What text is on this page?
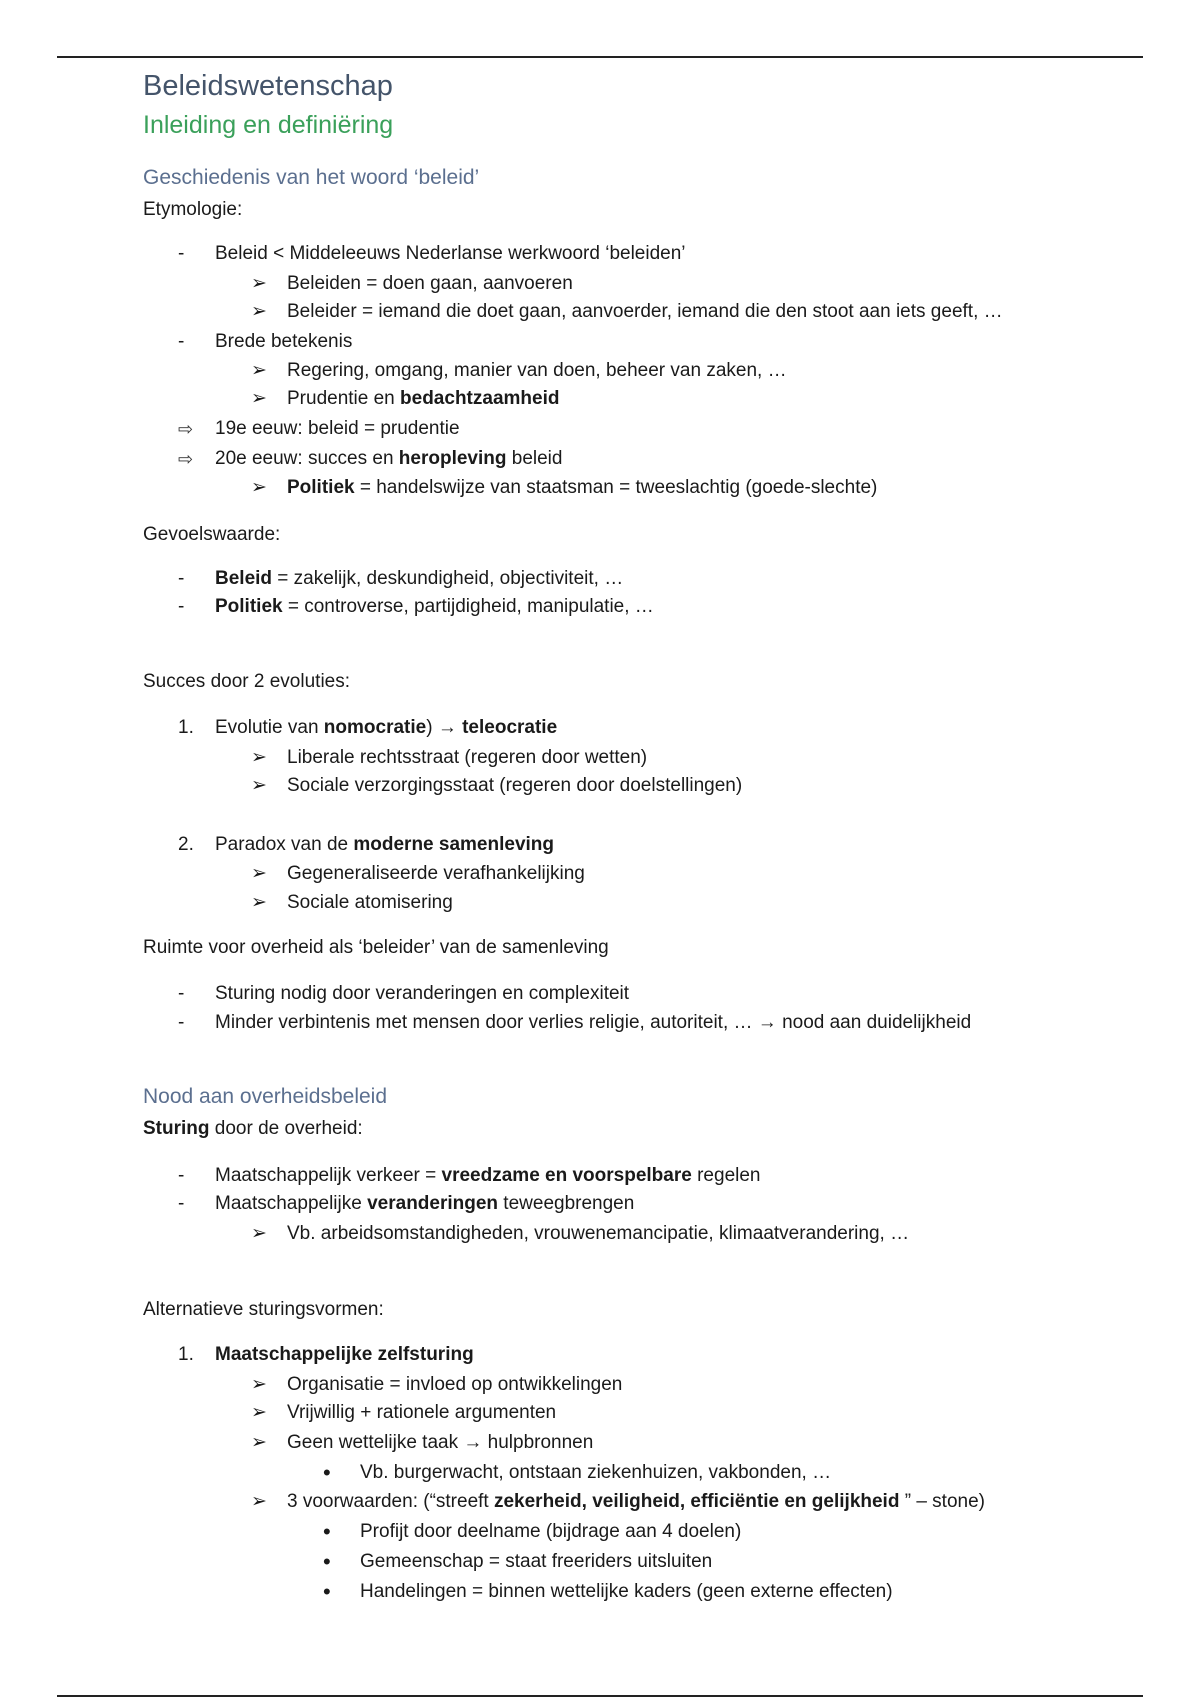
Beleidswetenschap
Inleiding en definiëring
Geschiedenis van het woord ‘beleid’
Etymologie:
-
Beleid < Middeleeuws Nederlanse werkwoord ‘beleiden’
➢
Beleiden = doen gaan, aanvoeren
➢
Beleider = iemand die doet gaan, aanvoerder, iemand die den stoot aan iets geeft, …
-
Brede betekenis
➢
Regering, omgang, manier van doen, beheer van zaken, …
➢
Prudentie en bedachtzaamheid
⇨
19e eeuw: beleid = prudentie
⇨
20e eeuw: succes en heropleving beleid
➢
Politiek = handelswijze van staatsman = tweeslachtig (goede-slechte)
Gevoelswaarde:
-
Beleid = zakelijk, deskundigheid, objectiviteit, …
-
Politiek = controverse, partijdigheid, manipulatie, …
Succes door 2 evoluties:
1. Evolutie van nomocratie) → teleocratie
➢
Liberale rechtsstraat (regeren door wetten)
➢
Sociale verzorgingsstaat (regeren door doelstellingen)
2. Paradox van de moderne samenleving
➢
Gegeneraliseerde verafhankelijking
➢
Sociale atomisering
Ruimte voor overheid als ‘beleider’ van de samenleving
-
Sturing nodig door veranderingen en complexiteit
-
Minder verbintenis met mensen door verlies religie, autoriteit, … → nood aan duidelijkheid
Nood aan overheidsbeleid
Sturing door de overheid:
-
Maatschappelijk verkeer = vreedzame en voorspelbare regelen
-
Maatschappelijke veranderingen teweegbrengen
➢
Vb. arbeidsomstandigheden, vrouwenemancipatie, klimaatverandering, …
Alternatieve sturingsvormen:
1. Maatschappelijke zelfsturing
➢
Organisatie = invloed op ontwikkelingen
➢
Vrijwillig + rationele argumenten
➢
Geen wettelijke taak → hulpbronnen
•
Vb. burgerwacht, ontstaan ziekenhuizen, vakbonden, …
➢
3 voorwaarden: (“streeft zekerheid, veiligheid, efficiëntie en gelijkheid ” – stone)
•
Profijt door deelname (bijdrage aan 4 doelen)
•
Gemeenschap = staat freeriders uitsluiten
•
Handelingen = binnen wettelijke kaders (geen externe effecten)
